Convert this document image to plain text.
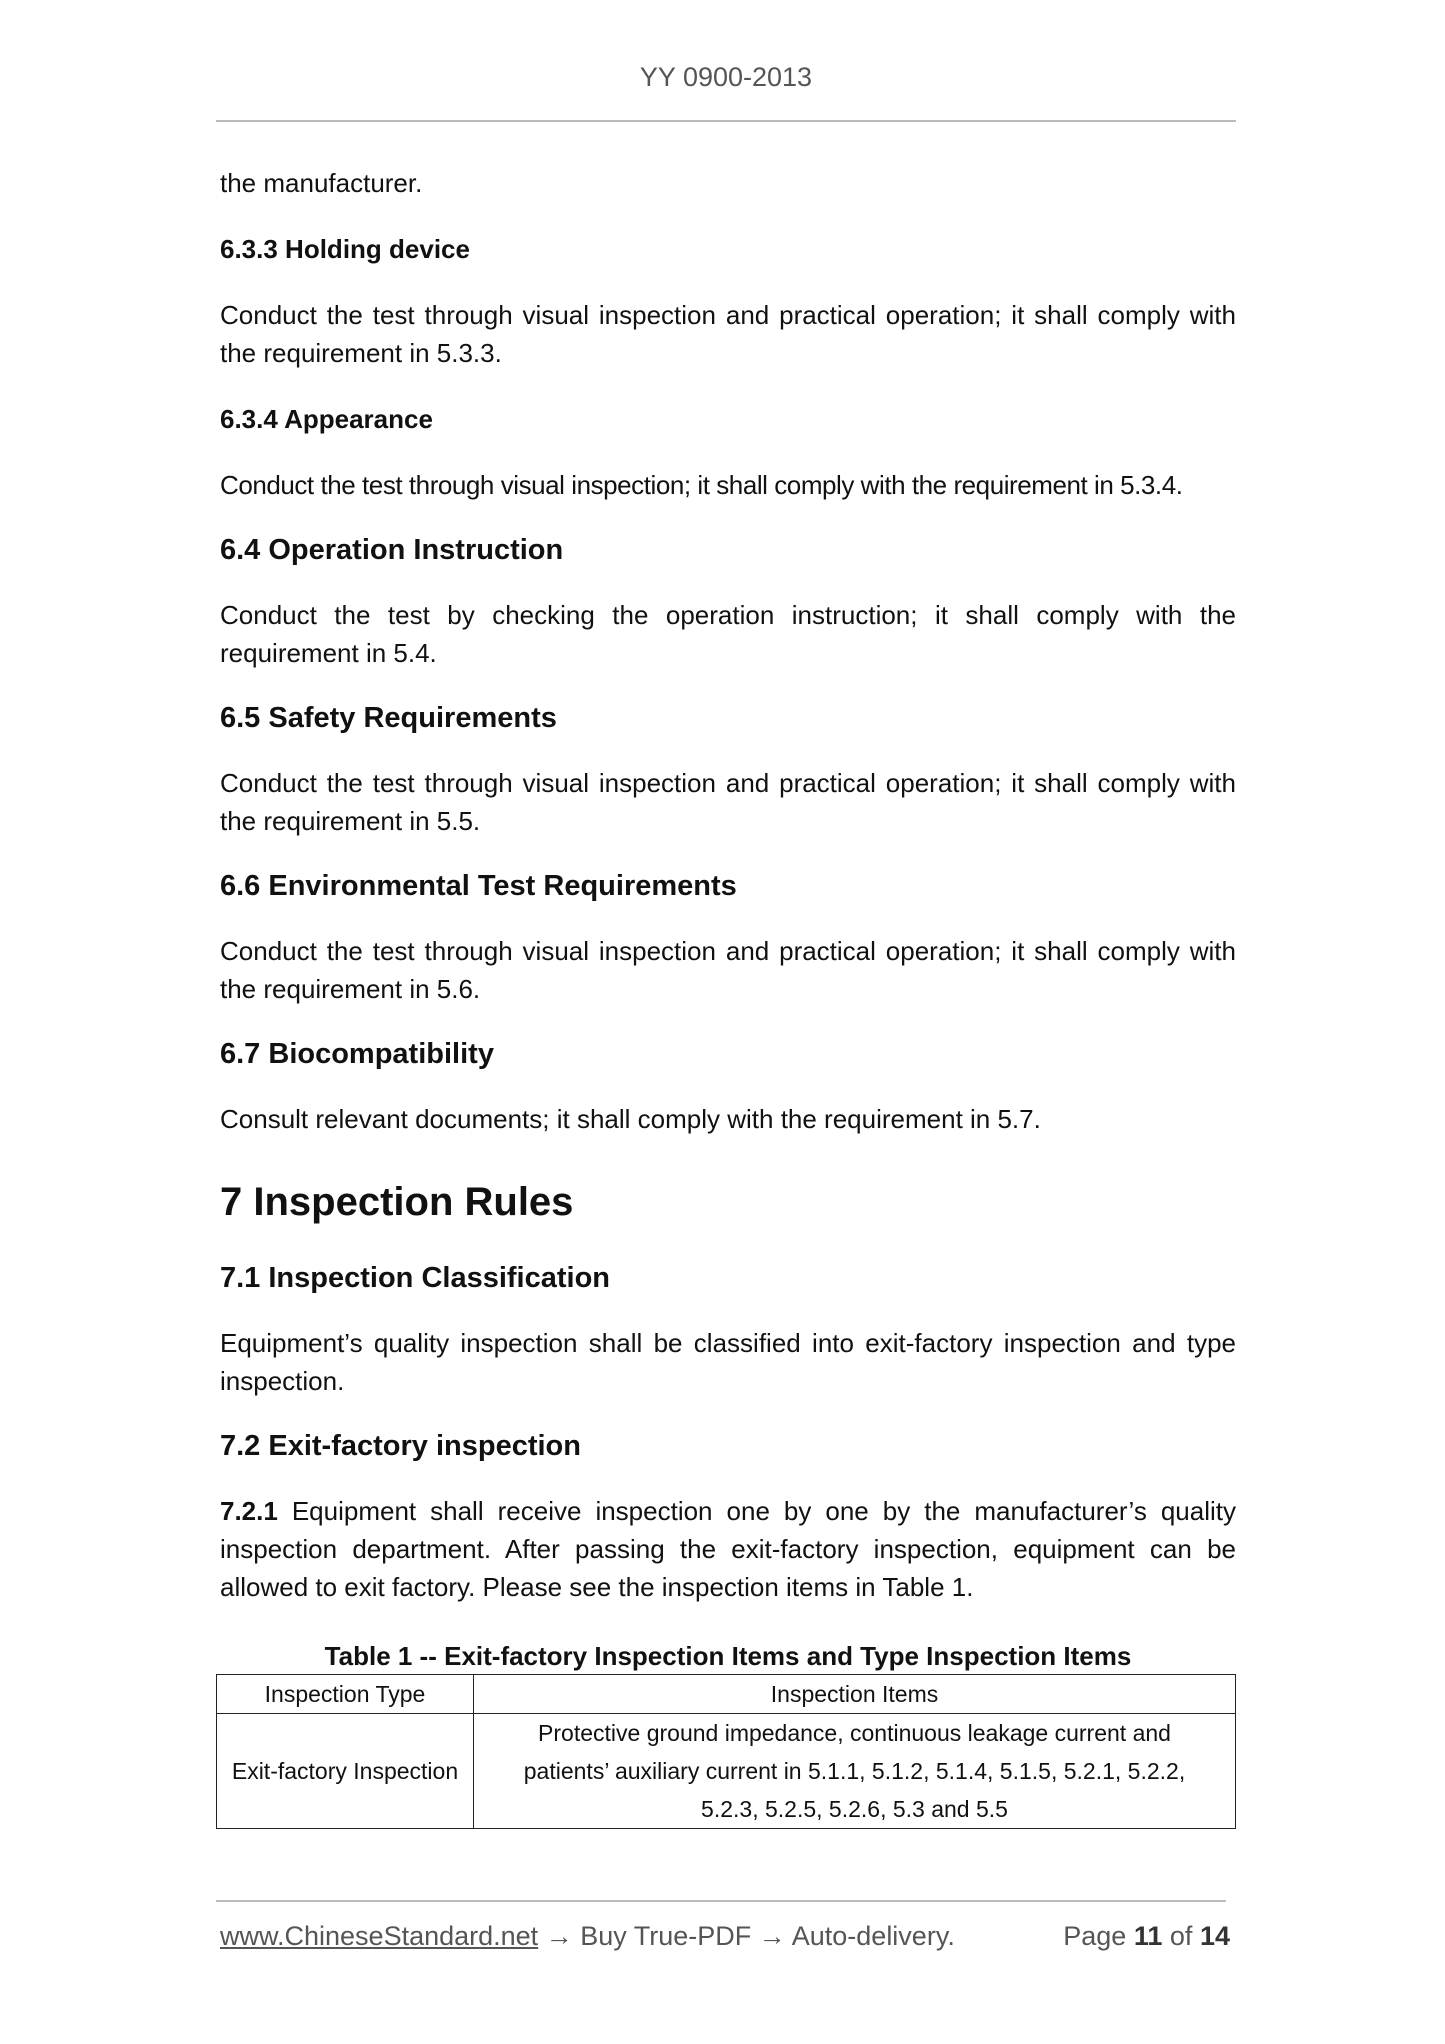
YY 0900-2013

the manufacturer.

6.3.3 Holding device

Conduct the test through visual inspection and practical operation; it shall comply with the requirement in 5.3.3.

6.3.4 Appearance

Conduct the test through visual inspection; it shall comply with the requirement in 5.3.4.

6.4 Operation Instruction

Conduct the test by checking the operation instruction; it shall comply with the requirement in 5.4.

6.5 Safety Requirements

Conduct the test through visual inspection and practical operation; it shall comply with the requirement in 5.5.

6.6 Environmental Test Requirements

Conduct the test through visual inspection and practical operation; it shall comply with the requirement in 5.6.

6.7 Biocompatibility

Consult relevant documents; it shall comply with the requirement in 5.7.

7 Inspection Rules

7.1 Inspection Classification

Equipment’s quality inspection shall be classified into exit-factory inspection and type inspection.

7.2 Exit-factory inspection

7.2.1 Equipment shall receive inspection one by one by the manufacturer’s quality inspection department. After passing the exit-factory inspection, equipment can be allowed to exit factory. Please see the inspection items in Table 1.

Table 1 -- Exit-factory Inspection Items and Type Inspection Items

Inspection Type	Inspection Items
Exit-factory Inspection	Protective ground impedance, continuous leakage current and patients’ auxiliary current in 5.1.1, 5.1.2, 5.1.4, 5.1.5, 5.2.1, 5.2.2, 5.2.3, 5.2.5, 5.2.6, 5.3 and 5.5
www.ChineseStandard.net → Buy True-PDF → Auto-delivery.	Page 11 of 14
